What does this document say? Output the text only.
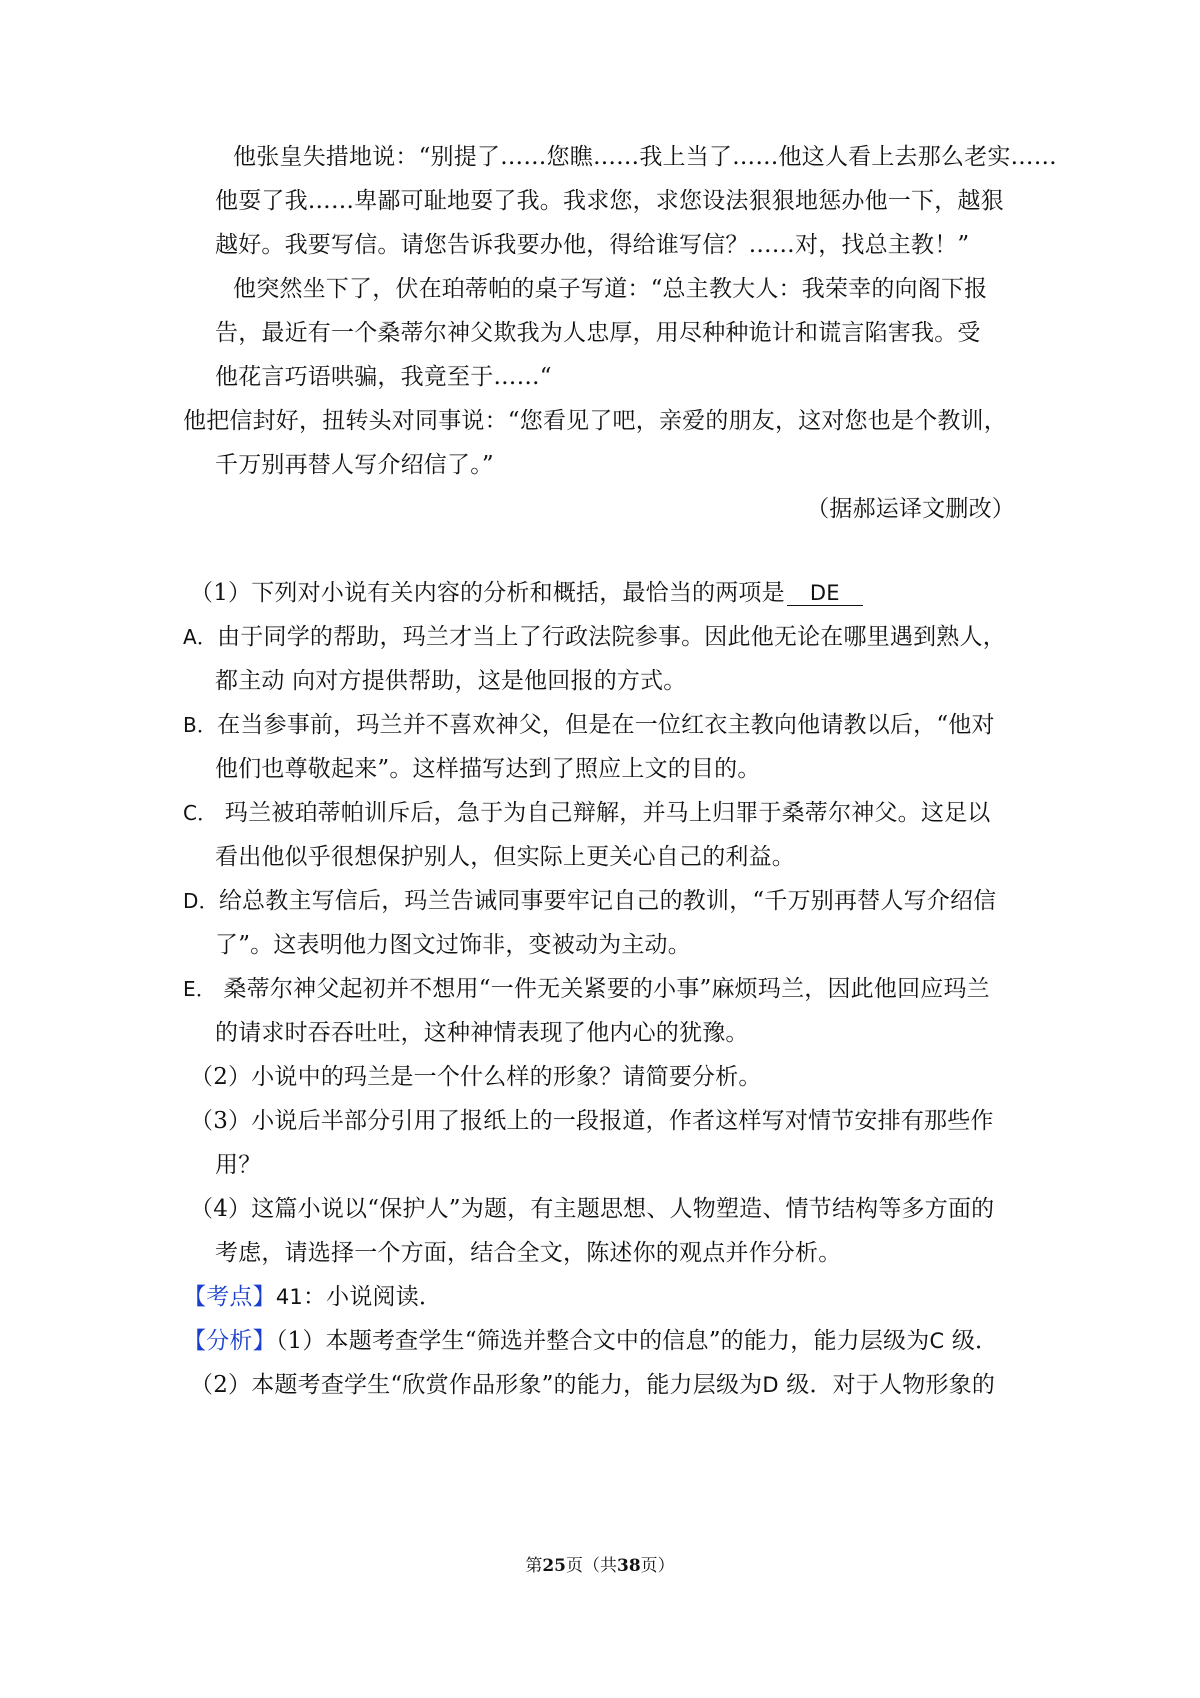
他张皇失措地说：“别提了……您瞧……我上当了……他这人看上去那么老实……
他耍了我……卑鄙可耻地耍了我。我求您，求您设法狠狠地惩办他一下，越狠
越好。我要写信。请您告诉我要办他，得给谁写信？……对，找总主教！”
他突然坐下了，伏在珀蒂帕的桌子写道：“总主教大人：我荣幸的向阁下报
告，最近有一个桑蒂尔神父欺我为人忠厚，用尽种种诡计和谎言陷害我。受
他花言巧语哄骗，我竟至于……“
他把信封好，扭转头对同事说：“您看见了吧，亲爱的朋友，这对您也是个教训，
千万别再替人写介绍信了。”
（据郝运译文删改）
（1）下列对小说有关内容的分析和概括，最恰当的两项是 DE
A．由于同学的帮助，玛兰才当上了行政法院参事。因此他无论在哪里遇到熟人，
都主动 向对方提供帮助，这是他回报的方式。
B．在当参事前，玛兰并不喜欢神父，但是在一位红衣主教向他请教以后，“他对
他们也尊敬起来”。这样描写达到了照应上文的目的。
C． 玛兰被珀蒂帕训斥后，急于为自己辩解，并马上归罪于桑蒂尔神父。这足以
看出他似乎很想保护别人，但实际上更关心自己的利益。
D．给总教主写信后，玛兰告诫同事要牢记自己的教训，“千万别再替人写介绍信
了”。这表明他力图文过饰非，变被动为主动。
E． 桑蒂尔神父起初并不想用“一件无关紧要的小事”麻烦玛兰，因此他回应玛兰
的请求时吞吞吐吐，这种神情表现了他内心的犹豫。
（2）小说中的玛兰是一个什么样的形象？请简要分析。
（3）小说后半部分引用了报纸上的一段报道，作者这样写对情节安排有那些作
用？
（4）这篇小说以“保护人”为题，有主题思想、人物塑造、情节结构等多方面的
考虑，请选择一个方面，结合全文，陈述你的观点并作分析。
【考点】41：小说阅读．
【分析】（1）本题考查学生“筛选并整合文中的信息”的能力，能力层级为C 级．
（2）本题考查学生“欣赏作品形象”的能力，能力层级为D 级．对于人物形象的
第25页（共38页）
